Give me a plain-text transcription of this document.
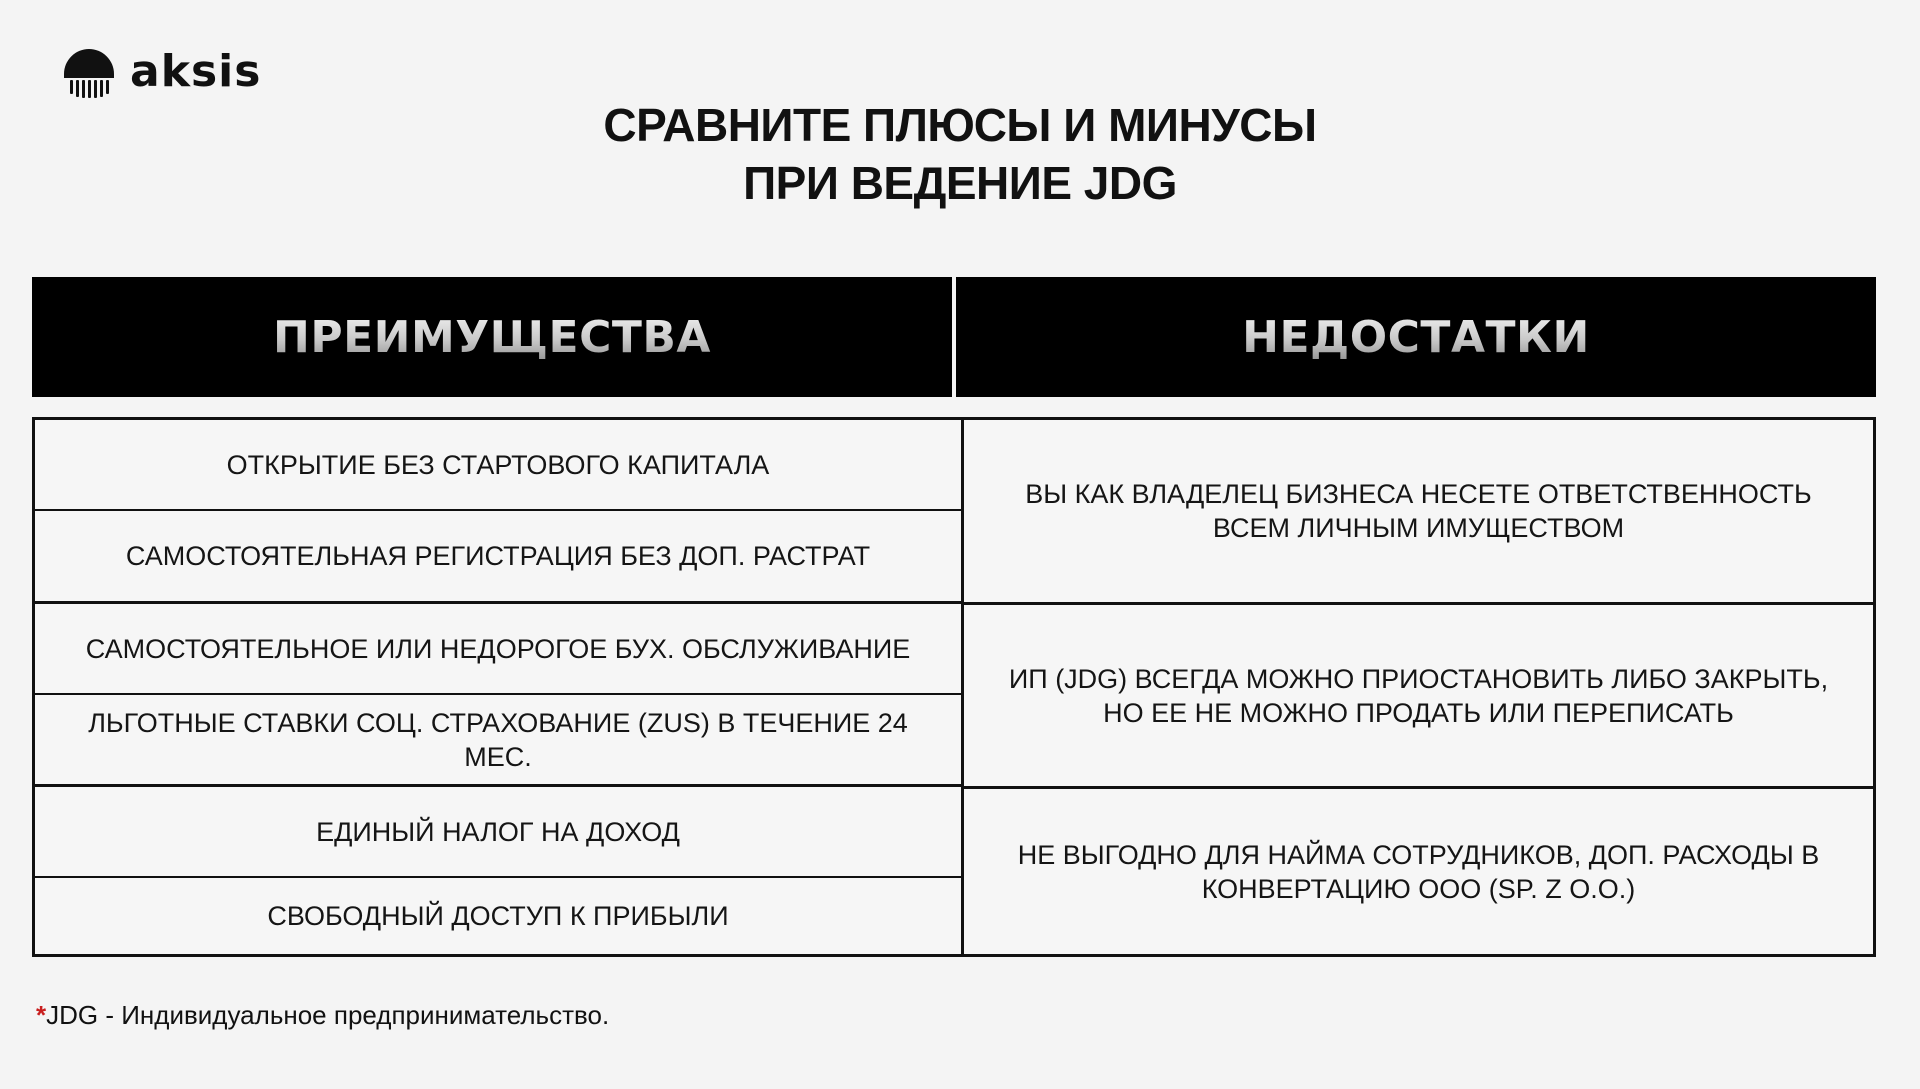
aksis
СРАВНИТЕ ПЛЮСЫ И МИНУСЫ
ПРИ ВЕДЕНИЕ JDG
ПРЕИМУЩЕСТВА	НЕДОСТАТКИ
ОТКРЫТИЕ БЕЗ СТАРТОВОГО КАПИТАЛА
САМОСТОЯТЕЛЬНАЯ РЕГИСТРАЦИЯ БЕЗ ДОП. РАСТРАТ
САМОСТОЯТЕЛЬНОЕ ИЛИ НЕДОРОГОЕ БУХ. ОБСЛУЖИВАНИЕ
ЛЬГОТНЫЕ СТАВКИ СОЦ. СТРАХОВАНИЕ (ZUS) В ТЕЧЕНИЕ 24 МЕС.
ЕДИНЫЙ НАЛОГ НА ДОХОД
СВОБОДНЫЙ ДОСТУП К ПРИБЫЛИ
ВЫ КАК ВЛАДЕЛЕЦ БИЗНЕСА НЕСЕТЕ ОТВЕТСТВЕННОСТЬ
ВСЕМ ЛИЧНЫМ ИМУЩЕСТВОМ
ИП (JDG) ВСЕГДА МОЖНО ПРИОСТАНОВИТЬ ЛИБО ЗАКРЫТЬ,
НО ЕЕ НЕ МОЖНО ПРОДАТЬ ИЛИ ПЕРЕПИСАТЬ
НЕ ВЫГОДНО ДЛЯ НАЙМА СОТРУДНИКОВ, ДОП. РАСХОДЫ В
КОНВЕРТАЦИЮ ООО (SP. Z O.O.)
*JDG - Индивидуальное предпринимательство.
